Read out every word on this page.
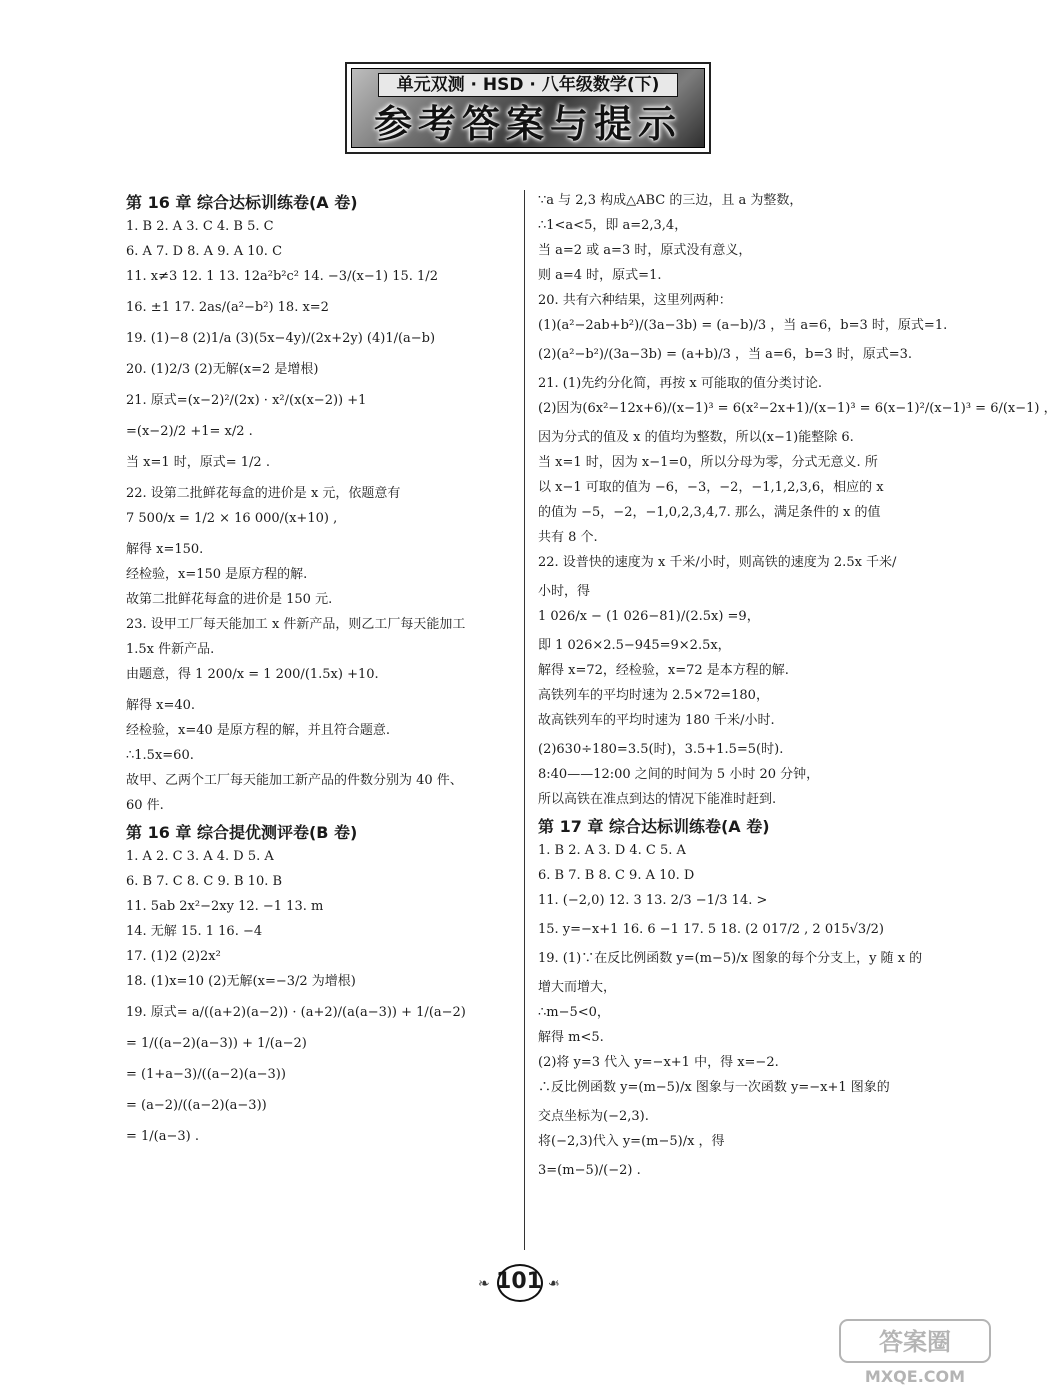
单元双测 · HSD · 八年级数学(下)
参考答案与提示
第 16 章 综合达标训练卷(A 卷)
1. B 2. A 3. C 4. B 5. C
6. A 7. D 8. A 9. A 10. C
11. x≠3 12. 1 13. 12a²b²c² 14. −3/(x−1) 15. 1/2
16. ±1 17. 2as/(a²−b²) 18. x=2
19. (1)−8 (2)1/a (3)(5x−4y)/(2x+2y) (4)1/(a−b)
20. (1)2/3 (2)无解(x=2 是增根)
21. 原式=(x−2)²/(2x) · x²/(x(x−2)) +1
=(x−2)/2 +1= x/2 .
当 x=1 时，原式= 1/2 .
22. 设第二批鲜花每盒的进价是 x 元，依题意有
7 500/x = 1/2 × 16 000/(x+10) ,
解得 x=150.
经检验，x=150 是原方程的解.
故第二批鲜花每盒的进价是 150 元.
23. 设甲工厂每天能加工 x 件新产品，则乙工厂每天能加工
1.5x 件新产品.
由题意，得 1 200/x = 1 200/(1.5x) +10.
解得 x=40.
经检验，x=40 是原方程的解，并且符合题意.
∴1.5x=60.
故甲、乙两个工厂每天能加工新产品的件数分别为 40 件、
60 件.
第 16 章 综合提优测评卷(B 卷)
1. A 2. C 3. A 4. D 5. A
6. B 7. C 8. C 9. B 10. B
11. 5ab 2x²−2xy 12. −1 13. m
14. 无解 15. 1 16. −4
17. (1)2 (2)2x²
18. (1)x=10 (2)无解(x=−3/2 为增根)
19. 原式= a/((a+2)(a−2)) · (a+2)/(a(a−3)) + 1/(a−2)
= 1/((a−2)(a−3)) + 1/(a−2)
= (1+a−3)/((a−2)(a−3))
= (a−2)/((a−2)(a−3))
= 1/(a−3) .
∵a 与 2,3 构成△ABC 的三边，且 a 为整数，
∴1<a<5，即 a=2,3,4，
当 a=2 或 a=3 时，原式没有意义，
则 a=4 时，原式=1.
20. 共有六种结果，这里列两种：
(1)(a²−2ab+b²)/(3a−3b) = (a−b)/3 ，当 a=6，b=3 时，原式=1.
(2)(a²−b²)/(3a−3b) = (a+b)/3 ，当 a=6，b=3 时，原式=3.
21. (1)先约分化简，再按 x 可能取的值分类讨论.
(2)因为(6x²−12x+6)/(x−1)³ = 6(x²−2x+1)/(x−1)³ = 6(x−1)²/(x−1)³ = 6/(x−1) ，
因为分式的值及 x 的值均为整数，所以(x−1)能整除 6.
当 x=1 时，因为 x−1=0，所以分母为零，分式无意义. 所
以 x−1 可取的值为 −6，−3，−2，−1,1,2,3,6，相应的 x
的值为 −5，−2，−1,0,2,3,4,7. 那么，满足条件的 x 的值
共有 8 个.
22. 设普快的速度为 x 千米/小时，则高铁的速度为 2.5x 千米/
小时，得
1 026/x − (1 026−81)/(2.5x) =9，
即 1 026×2.5−945=9×2.5x，
解得 x=72，经检验，x=72 是本方程的解.
高铁列车的平均时速为 2.5×72=180，
故高铁列车的平均时速为 180 千米/小时.
(2)630÷180=3.5(时)，3.5+1.5=5(时).
8:40——12:00 之间的时间为 5 小时 20 分钟，
所以高铁在准点到达的情况下能准时赶到.
第 17 章 综合达标训练卷(A 卷)
1. B 2. A 3. D 4. C 5. A
6. B 7. B 8. C 9. A 10. D
11. (−2,0) 12. 3 13. 2/3 −1/3 14. >
15. y=−x+1 16. 6 −1 17. 5 18. (2 017/2 , 2 015√3/2)
19. (1)∵在反比例函数 y=(m−5)/x 图象的每个分支上，y 随 x 的
增大而增大，
∴m−5<0，
解得 m<5.
(2)将 y=3 代入 y=−x+1 中，得 x=−2.
∴反比例函数 y=(m−5)/x 图象与一次函数 y=−x+1 图象的
交点坐标为(−2,3).
将(−2,3)代入 y=(m−5)/x ，得
3=(m−5)/(−2) .
❧ 101 ❧
答案圈
MXQE.COM
